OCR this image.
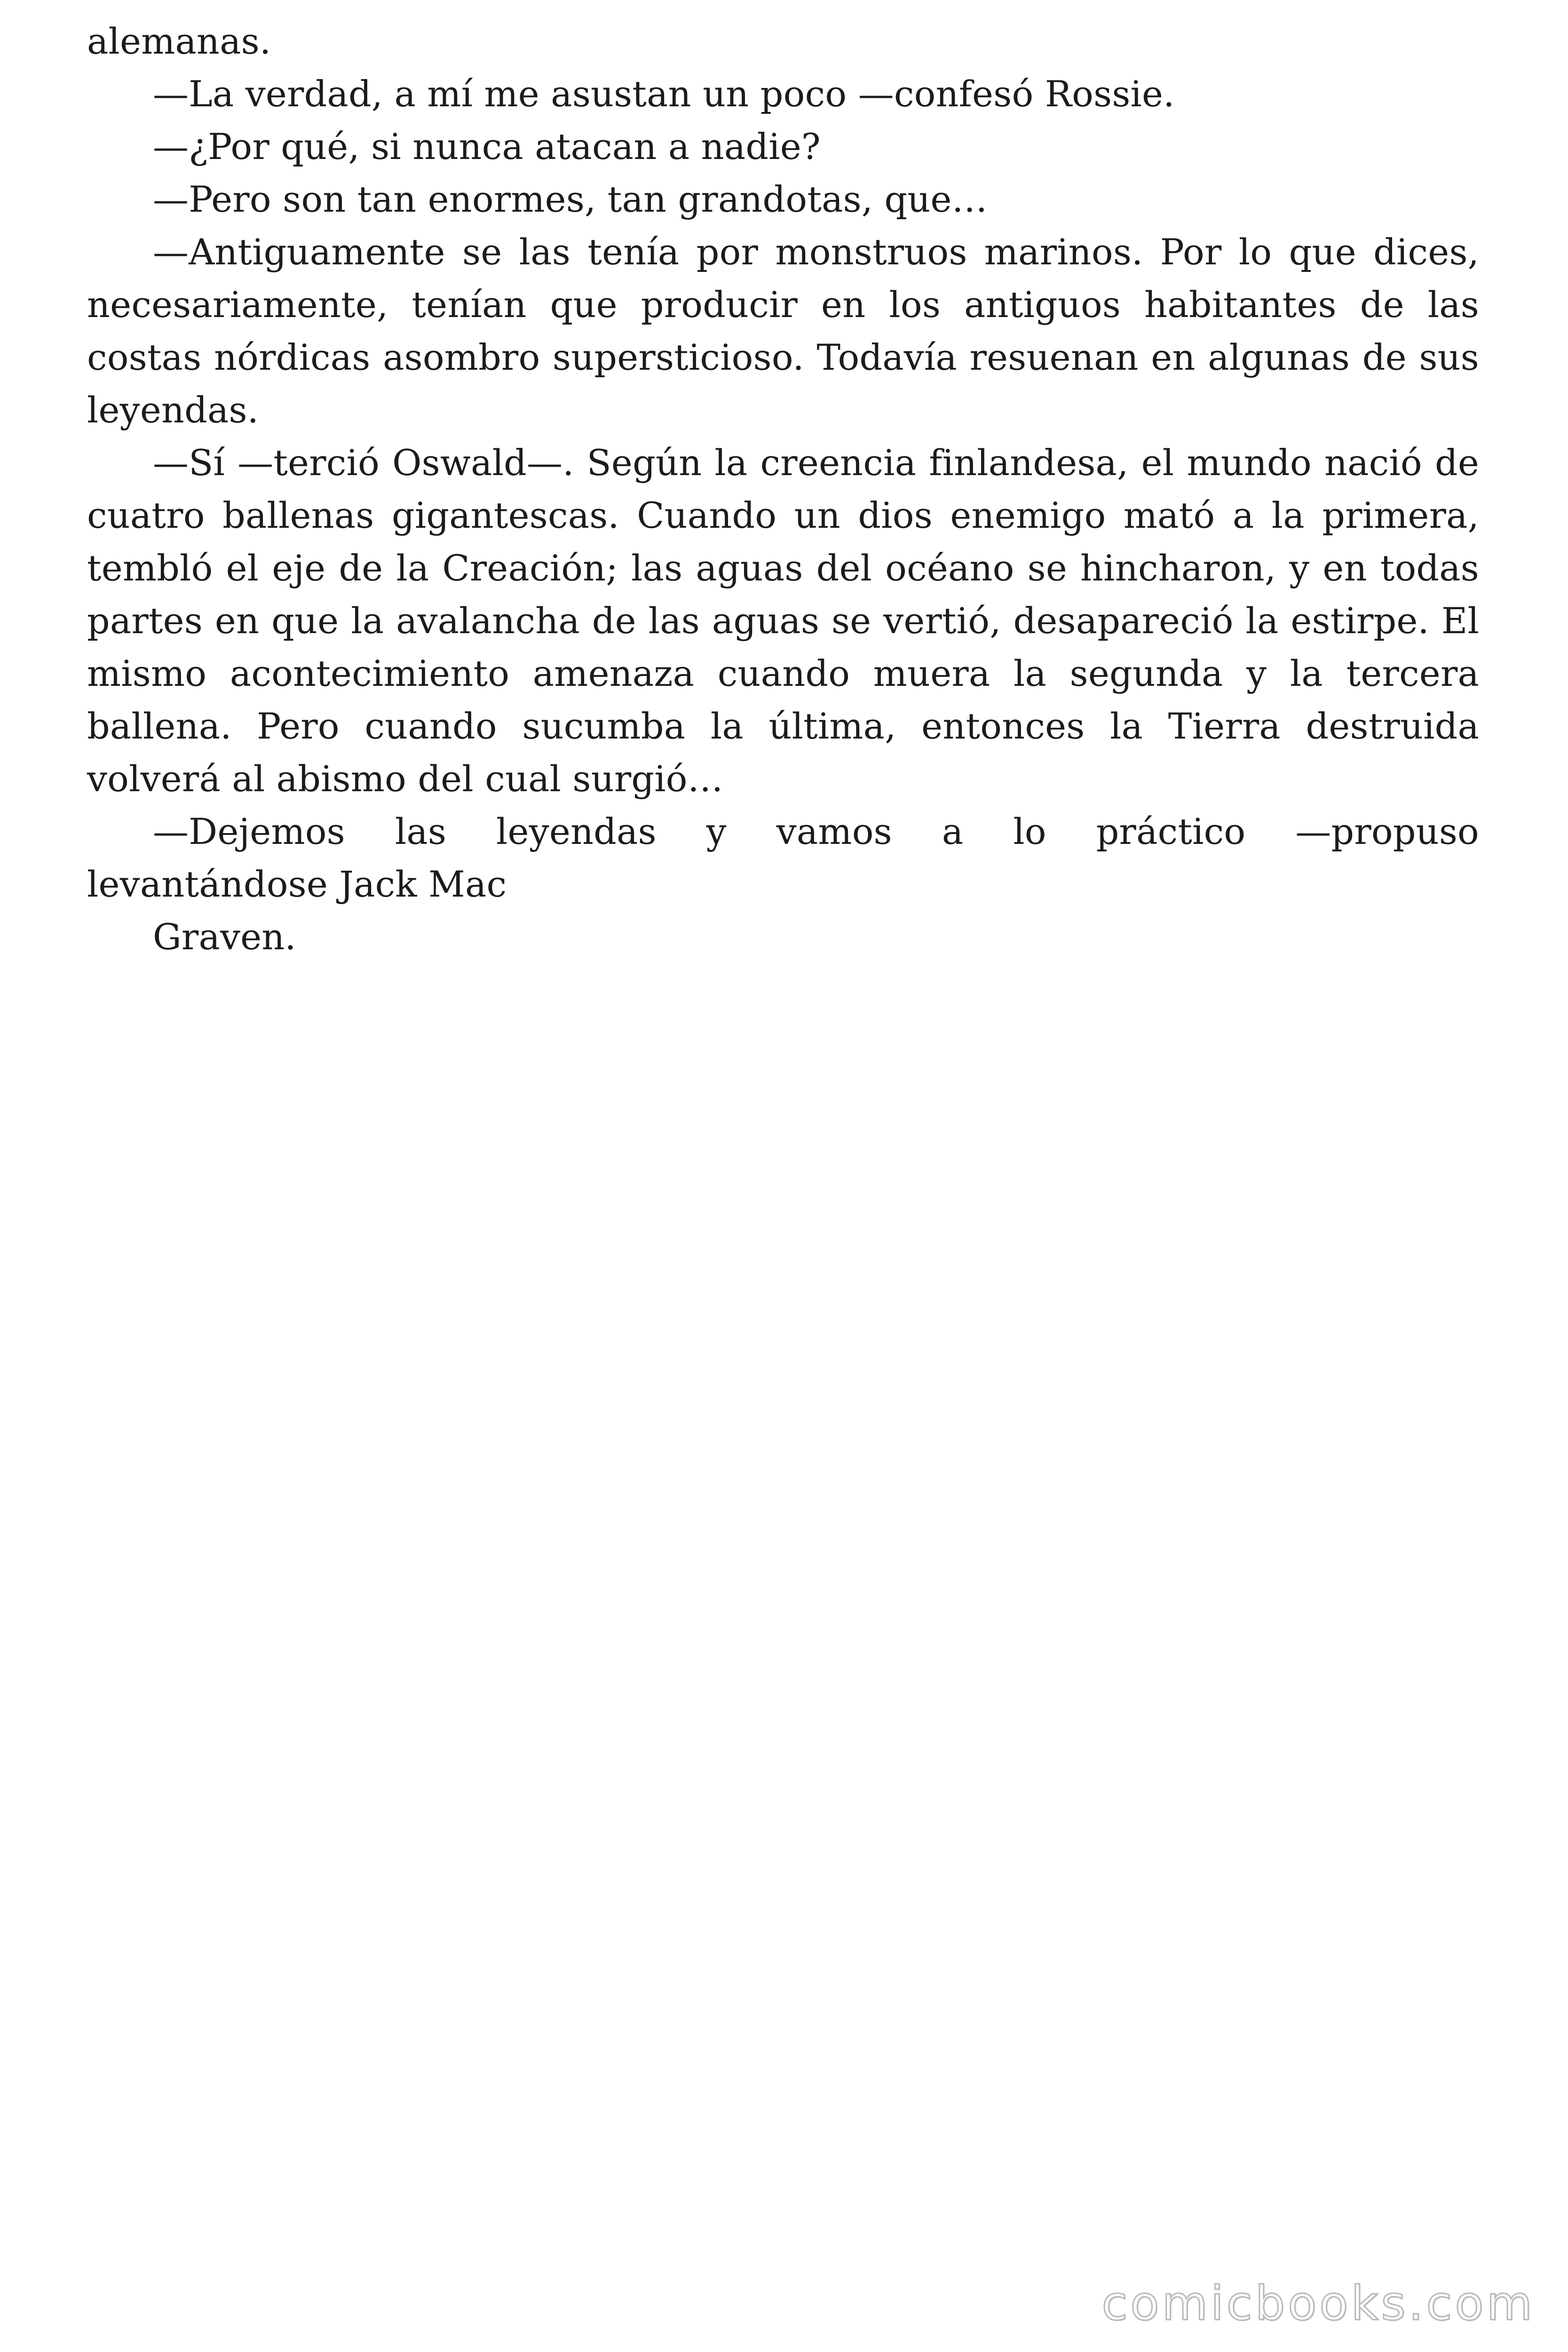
alemanas.

—La verdad, a mí me asustan un poco —confesó Rossie.

—¿Por qué, si nunca atacan a nadie?

—Pero son tan enormes, tan grandotas, que…

—Antiguamente se las tenía por monstruos marinos. Por lo que dices, necesariamente, tenían que producir en los antiguos habitantes de las costas nórdicas asombro supersticioso. Todavía resuenan en algunas de sus leyendas.

—Sí —terció Oswald—. Según la creencia finlandesa, el mundo nació de cuatro ballenas gigantescas. Cuando un dios enemigo mató a la primera, tembló el eje de la Creación; las aguas del océano se hincharon, y en todas partes en que la avalancha de las aguas se vertió, desapareció la estirpe. El mismo acontecimiento amenaza cuando muera la segunda y la tercera ballena. Pero cuando sucumba la última, entonces la Tierra destruida volverá al abismo del cual surgió…

—Dejemos las leyendas y vamos a lo práctico —propuso

levantándose Jack Mac

Graven.

comicbooks.com
